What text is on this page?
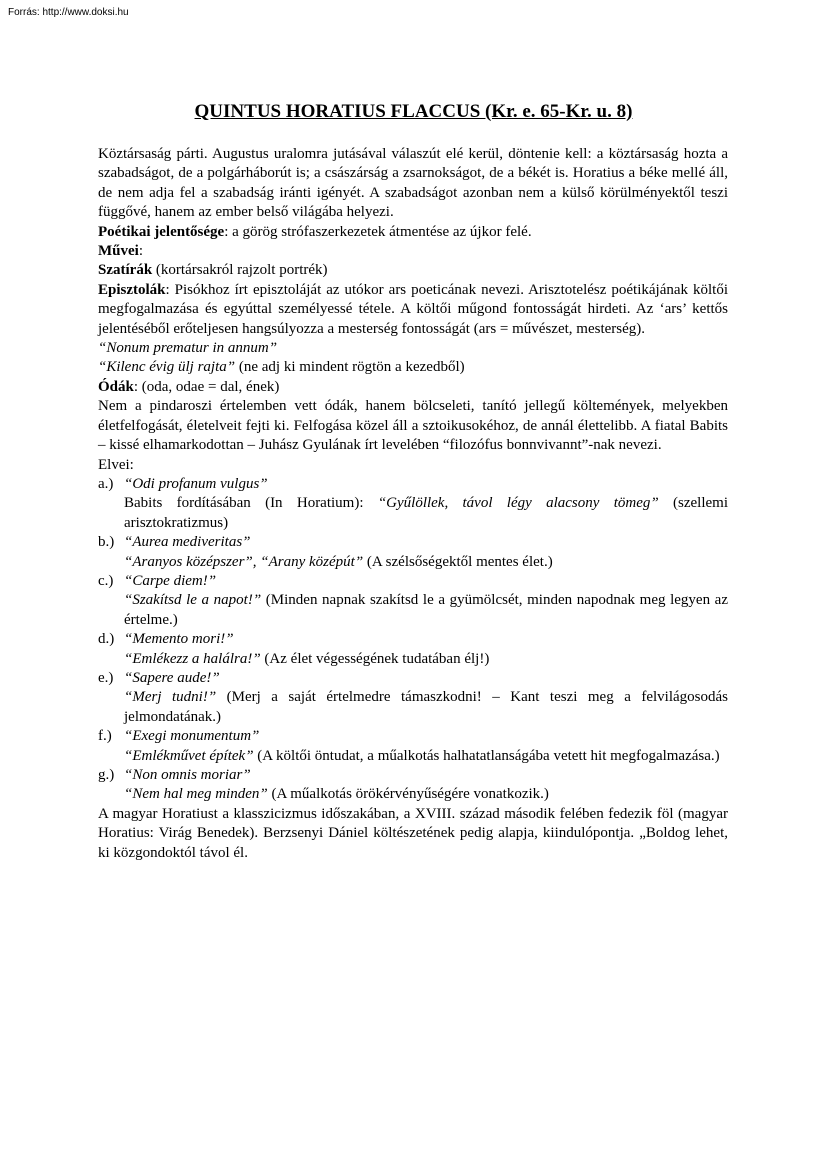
Forrás: http://www.doksi.hu
QUINTUS HORATIUS FLACCUS (Kr. e. 65-Kr. u. 8)

Köztársaság párti. Augustus uralomra jutásával válaszút elé kerül, döntenie kell: a köztársaság hozta a szabadságot, de a polgárháborút is; a császárság a zsarnokságot, de a békét is. Horatius a béke mellé áll, de nem adja fel a szabadság iránti igényét. A szabadságot azonban nem a külső körülményektől teszi függővé, hanem az ember belső világába helyezi.

Poétikai jelentősége: a görög strófaszerkezetek átmentése az újkor felé.

Művei:

Szatírák (kortársakról rajzolt portrék)

Episztolák: Pisókhoz írt episztoláját az utókor ars poeticának nevezi. Arisztotelész poétikájának költői megfogalmazása és egyúttal személyessé tétele. A költői műgond fontosságát hirdeti. Az ‘ars’ kettős jelentéséből erőteljesen hangsúlyozza a mesterség fontosságát (ars = művészet, mesterség).

“Nonum prematur in annum”

“Kilenc évig ülj rajta” (ne adj ki mindent rögtön a kezedből)

Ódák: (oda, odae = dal, ének)

Nem a pindaroszi értelemben vett ódák, hanem bölcseleti, tanító jellegű költemények, melyekben életfelfogását, életelveit fejti ki. Felfogása közel áll a sztoikusokéhoz, de annál élettelibb. A fiatal Babits – kissé elhamarkodottan – Juhász Gyulának írt levelében “filozófus bonnvivannt”-nak nevezi.

Elvei:

a.) “Odi profanum vulgus”

Babits fordításában (In Horatium): “Gyűlöllek, távol légy alacsony tömeg” (szellemi arisztokratizmus)

b.) “Aurea mediveritas”

“Aranyos középszer”, “Arany középút” (A szélsőségektől mentes élet.)

c.) “Carpe diem!”

“Szakítsd le a napot!” (Minden napnak szakítsd le a gyümölcsét, minden napodnak meg legyen az értelme.)

d.) “Memento mori!”

“Emlékezz a halálra!” (Az élet végességének tudatában élj!)

e.) “Sapere aude!”

“Merj tudni!” (Merj a saját értelmedre támaszkodni! – Kant teszi meg a felvilágosodás jelmondatának.)

f.) “Exegi monumentum”

“Emlékművet építek” (A költői öntudat, a műalkotás halhatatlanságába vetett hit megfogalmazása.)

g.) “Non omnis moriar”

“Nem hal meg minden” (A műalkotás örökérvényűségére vonatkozik.)

A magyar Horatiust a klasszicizmus időszakában, a XVIII. század második felében fedezik föl (magyar Horatius: Virág Benedek). Berzsenyi Dániel költészetének pedig alapja, kiindulópontja. „Boldog lehet, ki közgondoktól távol él.
